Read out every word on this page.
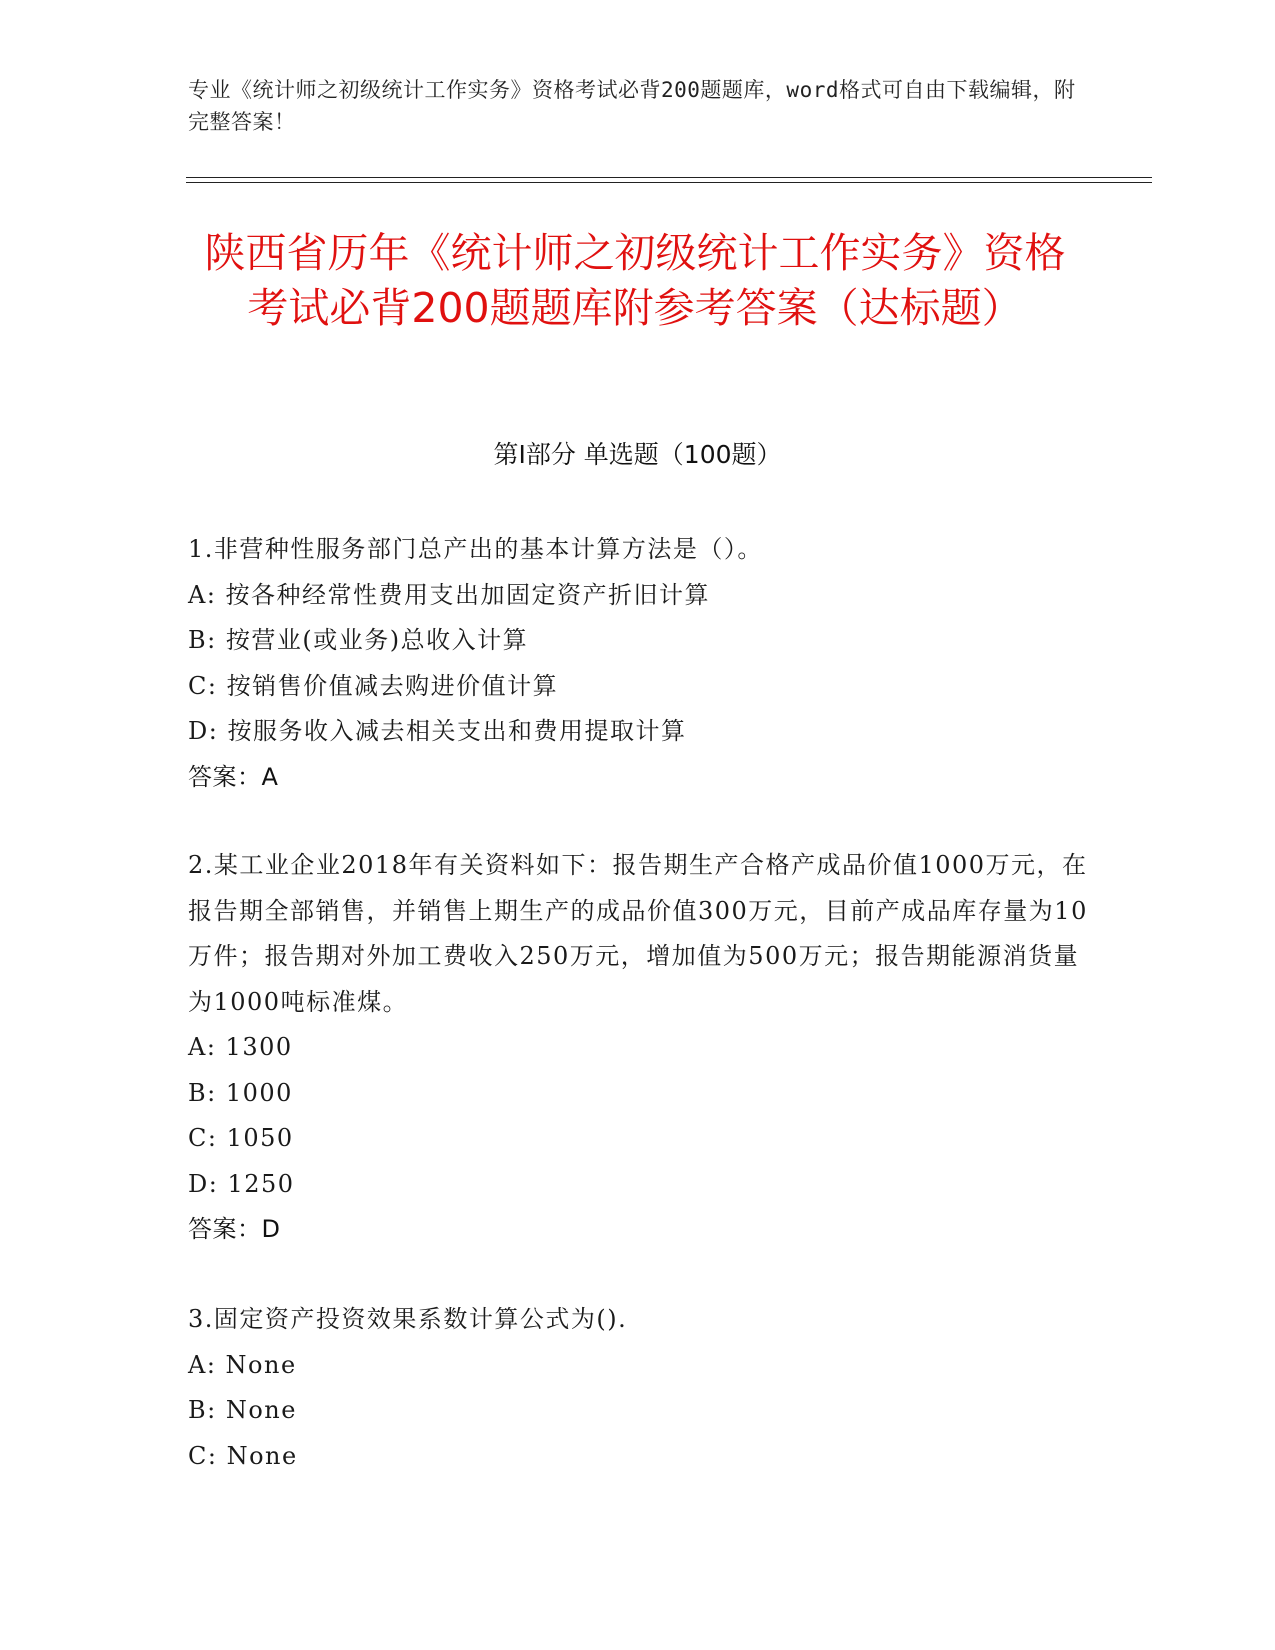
专业《统计师之初级统计工作实务》资格考试必背200题题库，word格式可自由下载编辑，附完整答案！
陕西省历年《统计师之初级统计工作实务》资格考试必背200题题库附参考答案（达标题）
第Ⅰ部分 单选题（100题）
1.非营种性服务部门总产出的基本计算方法是（）。
A: 按各种经常性费用支出加固定资产折旧计算
B: 按营业(或业务)总收入计算
C: 按销售价值减去购进价值计算
D: 按服务收入减去相关支出和费用提取计算
答案：A
2.某工业企业2018年有关资料如下：报告期生产合格产成品价值1000万元，在报告期全部销售，并销售上期生产的成品价值300万元，目前产成品库存量为10万件；报告期对外加工费收入250万元，增加值为500万元；报告期能源消货量为1000吨标准煤。
A: 1300
B: 1000
C: 1050
D: 1250
答案：D
3.固定资产投资效果系数计算公式为().
A: None
B: None
C: None
